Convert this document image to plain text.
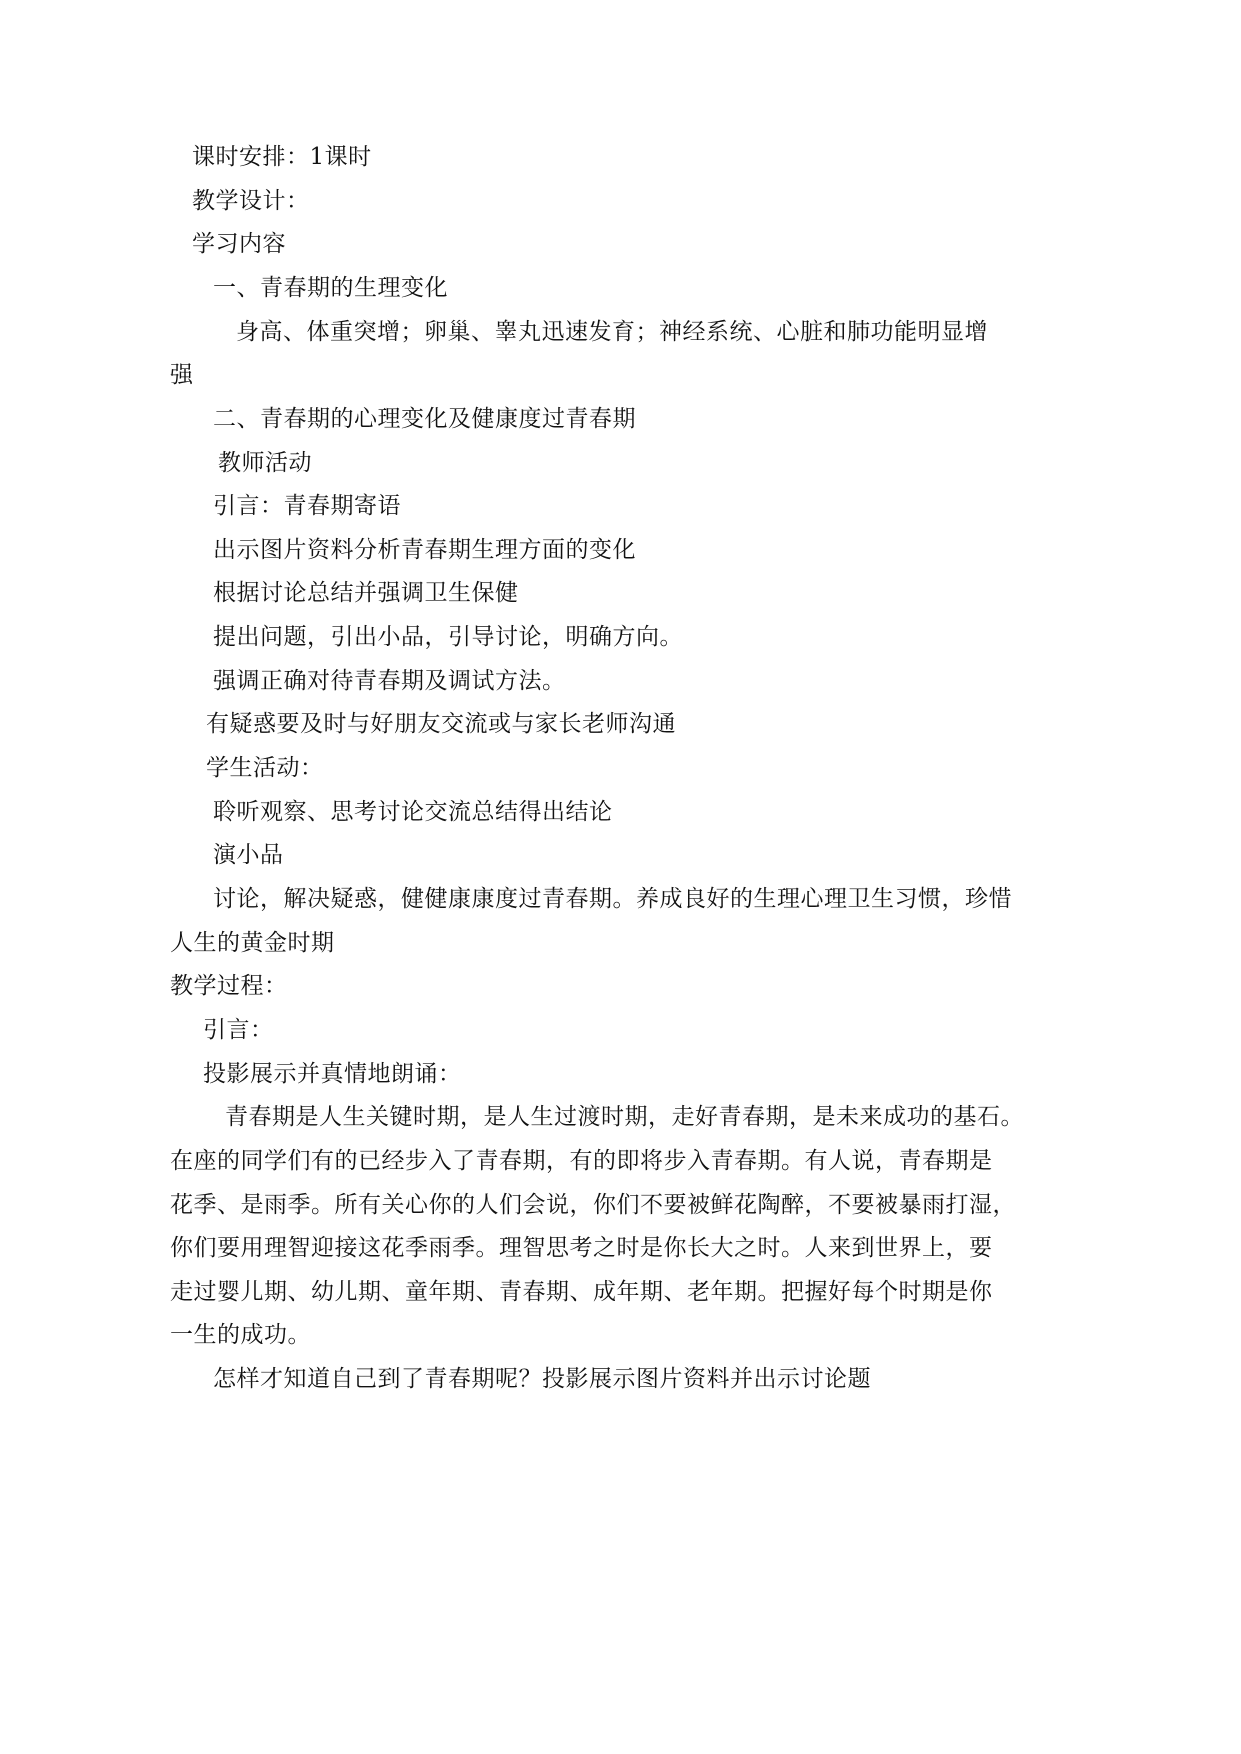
课时安排：1课时
教学设计：
学习内容
一、青春期的生理变化
身高、体重突增；卵巢、睾丸迅速发育；神经系统、心脏和肺功能明显增
强
二、青春期的心理变化及健康度过青春期
教师活动
引言：青春期寄语
出示图片资料分析青春期生理方面的变化
根据讨论总结并强调卫生保健
提出问题，引出小品，引导讨论，明确方向。
强调正确对待青春期及调试方法。
有疑惑要及时与好朋友交流或与家长老师沟通
学生活动：
聆听观察、思考讨论交流总结得出结论
演小品
讨论，解决疑惑，健健康康度过青春期。养成良好的生理心理卫生习惯，珍惜
人生的黄金时期
教学过程：
引言：
投影展示并真情地朗诵：
青春期是人生关键时期，是人生过渡时期，走好青春期，是未来成功的基石。
在座的同学们有的已经步入了青春期，有的即将步入青春期。有人说，青春期是
花季、是雨季。所有关心你的人们会说，你们不要被鲜花陶醉，不要被暴雨打湿，
你们要用理智迎接这花季雨季。理智思考之时是你长大之时。人来到世界上，要
走过婴儿期、幼儿期、童年期、青春期、成年期、老年期。把握好每个时期是你
一生的成功。
怎样才知道自己到了青春期呢？投影展示图片资料并出示讨论题
